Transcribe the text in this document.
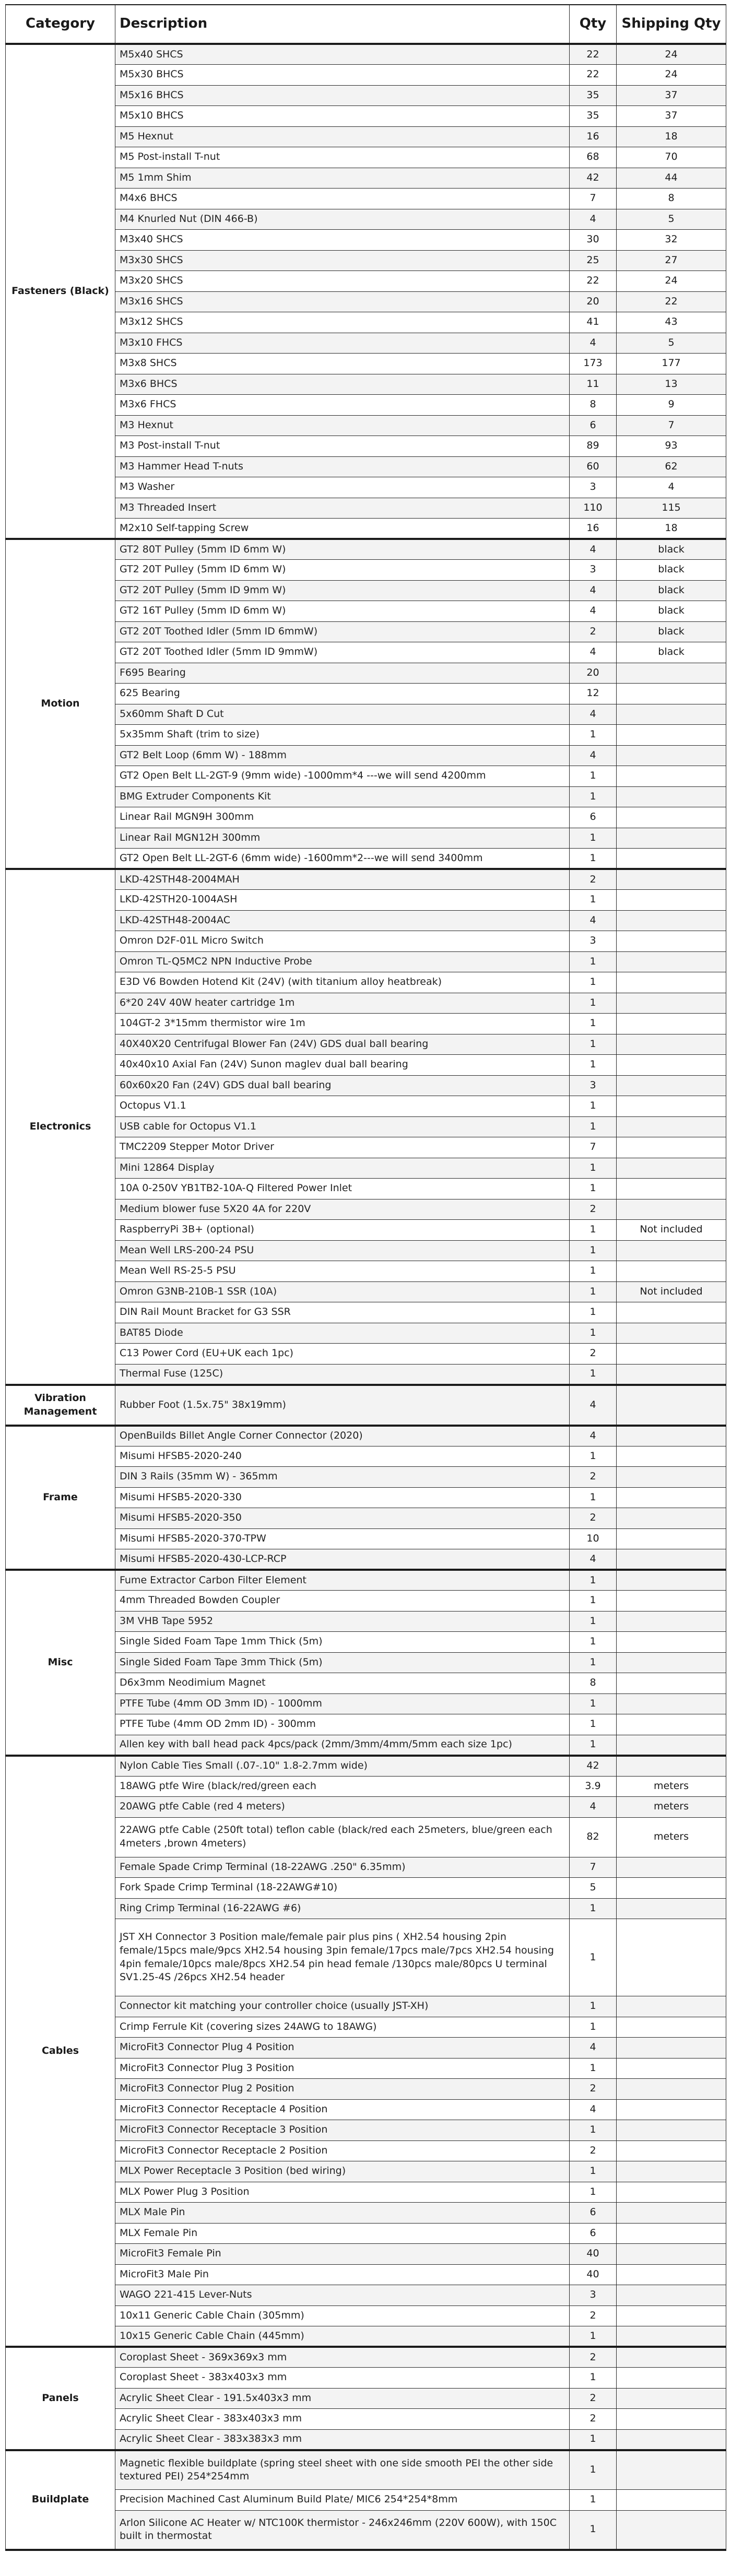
Category	Description	Qty	Shipping Qty
Fasteners (Black)	M5x40 SHCS	22	24
	M5x30 BHCS	22	24
	M5x16 BHCS	35	37
	M5x10 BHCS	35	37
	M5 Hexnut	16	18
	M5 Post-install T-nut	68	70
	M5 1mm Shim	42	44
	M4x6 BHCS	7	8
	M4 Knurled Nut (DIN 466-B)	4	5
	M3x40 SHCS	30	32
	M3x30 SHCS	25	27
	M3x20 SHCS	22	24
	M3x16 SHCS	20	22
	M3x12 SHCS	41	43
	M3x10 FHCS	4	5
	M3x8 SHCS	173	177
	M3x6 BHCS	11	13
	M3x6 FHCS	8	9
	M3 Hexnut	6	7
	M3 Post-install T-nut	89	93
	M3 Hammer Head T-nuts	60	62
	M3 Washer	3	4
	M3 Threaded Insert	110	115
	M2x10 Self-tapping Screw	16	18
Motion	GT2 80T Pulley (5mm ID 6mm W)	4	black
	GT2 20T Pulley (5mm ID 6mm W)	3	black
	GT2 20T Pulley (5mm ID 9mm W)	4	black
	GT2 16T Pulley (5mm ID 6mm W)	4	black
	GT2 20T Toothed Idler (5mm ID 6mmW)	2	black
	GT2 20T Toothed Idler (5mm ID 9mmW)	4	black
	F695 Bearing	20	
	625 Bearing	12	
	5x60mm Shaft D Cut	4	
	5x35mm Shaft (trim to size)	1	
	GT2 Belt Loop (6mm W) - 188mm	4	
	GT2 Open Belt LL-2GT-9 (9mm wide) -1000mm*4 ---we will send 4200mm	1	
	BMG Extruder Components Kit	1	
	Linear Rail MGN9H 300mm	6	
	Linear Rail MGN12H 300mm	1	
	GT2 Open Belt LL-2GT-6 (6mm wide) -1600mm*2---we will send 3400mm	1	
Electronics	LKD-42STH48-2004MAH	2	
	LKD-42STH20-1004ASH	1	
	LKD-42STH48-2004AC	4	
	Omron D2F-01L Micro Switch	3	
	Omron TL-Q5MC2 NPN Inductive Probe	1	
	E3D V6 Bowden Hotend Kit (24V) (with titanium alloy heatbreak)	1	
	6*20 24V 40W heater cartridge 1m	1	
	104GT-2 3*15mm thermistor wire 1m	1	
	40X40X20 Centrifugal Blower Fan (24V) GDS dual ball bearing	1	
	40x40x10 Axial Fan (24V) Sunon maglev dual ball bearing	1	
	60x60x20 Fan (24V) GDS dual ball bearing	3	
	Octopus V1.1	1	
	USB cable for Octopus V1.1	1	
	TMC2209 Stepper Motor Driver	7	
	Mini 12864 Display	1	
	10A 0-250V YB1TB2-10A-Q Filtered Power Inlet	1	
	Medium blower fuse 5X20 4A for 220V	2	
	RaspberryPi 3B+ (optional)	1	Not included
	Mean Well LRS-200-24 PSU	1	
	Mean Well RS-25-5 PSU	1	
	Omron G3NB-210B-1 SSR (10A)	1	Not included
	DIN Rail Mount Bracket for G3 SSR	1	
	BAT85 Diode	1	
	C13 Power Cord (EU+UK each 1pc)	2	
	Thermal Fuse (125C)	1	
Vibration Management	Rubber Foot (1.5x.75" 38x19mm)	4	
Frame	OpenBuilds Billet Angle Corner Connector (2020)	4	
	Misumi HFSB5-2020-240	1	
	DIN 3 Rails (35mm W) - 365mm	2	
	Misumi HFSB5-2020-330	1	
	Misumi HFSB5-2020-350	2	
	Misumi HFSB5-2020-370-TPW	10	
	Misumi HFSB5-2020-430-LCP-RCP	4	
Misc	Fume Extractor Carbon Filter Element	1	
	4mm Threaded Bowden Coupler	1	
	3M VHB Tape 5952	1	
	Single Sided Foam Tape 1mm Thick (5m)	1	
	Single Sided Foam Tape 3mm Thick (5m)	1	
	D6x3mm Neodimium Magnet	8	
	PTFE Tube (4mm OD 3mm ID) - 1000mm	1	
	PTFE Tube (4mm OD 2mm ID) - 300mm	1	
	Allen key with ball head pack 4pcs/pack (2mm/3mm/4mm/5mm each size 1pc)	1	
Cables	Nylon Cable Ties Small (.07-.10" 1.8-2.7mm wide)	42	
	18AWG ptfe Wire (black/red/green each	3.9	meters
	20AWG ptfe Cable (red 4 meters)	4	meters
	22AWG ptfe Cable (250ft total) teflon cable (black/red each 25meters, blue/green each 4meters ,brown 4meters)	82	meters
	Female Spade Crimp Terminal (18-22AWG .250" 6.35mm)	7	
	Fork Spade Crimp Terminal (18-22AWG#10)	5	
	Ring Crimp Terminal (16-22AWG #6)	1	
	JST XH Connector 3 Position male/female pair plus pins ( XH2.54 housing 2pin female/15pcs male/9pcs XH2.54 housing 3pin female/17pcs male/7pcs XH2.54 housing 4pin female/10pcs male/8pcs XH2.54 pin head female /130pcs male/80pcs U terminal SV1.25-4S /26pcs XH2.54 header	1	
	Connector kit matching your controller choice (usually JST-XH)	1	
	Crimp Ferrule Kit (covering sizes 24AWG to 18AWG)	1	
	MicroFit3 Connector Plug 4 Position	4	
	MicroFit3 Connector Plug 3 Position	1	
	MicroFit3 Connector Plug 2 Position	2	
	MicroFit3 Connector Receptacle 4 Position	4	
	MicroFit3 Connector Receptacle 3 Position	1	
	MicroFit3 Connector Receptacle 2 Position	2	
	MLX Power Receptacle 3 Position (bed wiring)	1	
	MLX Power Plug 3 Position	1	
	MLX Male Pin	6	
	MLX Female Pin	6	
	MicroFit3 Female Pin	40	
	MicroFit3 Male Pin	40	
	WAGO 221-415 Lever-Nuts	3	
	10x11 Generic Cable Chain (305mm)	2	
	10x15 Generic Cable Chain (445mm)	1	
Panels	Coroplast Sheet - 369x369x3 mm	2	
	Coroplast Sheet - 383x403x3 mm	1	
	Acrylic Sheet Clear - 191.5x403x3 mm	2	
	Acrylic Sheet Clear - 383x403x3 mm	2	
	Acrylic Sheet Clear - 383x383x3 mm	1	
Buildplate	Magnetic flexible buildplate (spring steel sheet with one side smooth PEI the other side textured PEI) 254*254mm	1	
	Precision Machined Cast Aluminum Build Plate/ MIC6 254*254*8mm	1	
	Arlon Silicone AC Heater w/ NTC100K thermistor - 246x246mm (220V 600W), with 150C built in thermostat	1	
